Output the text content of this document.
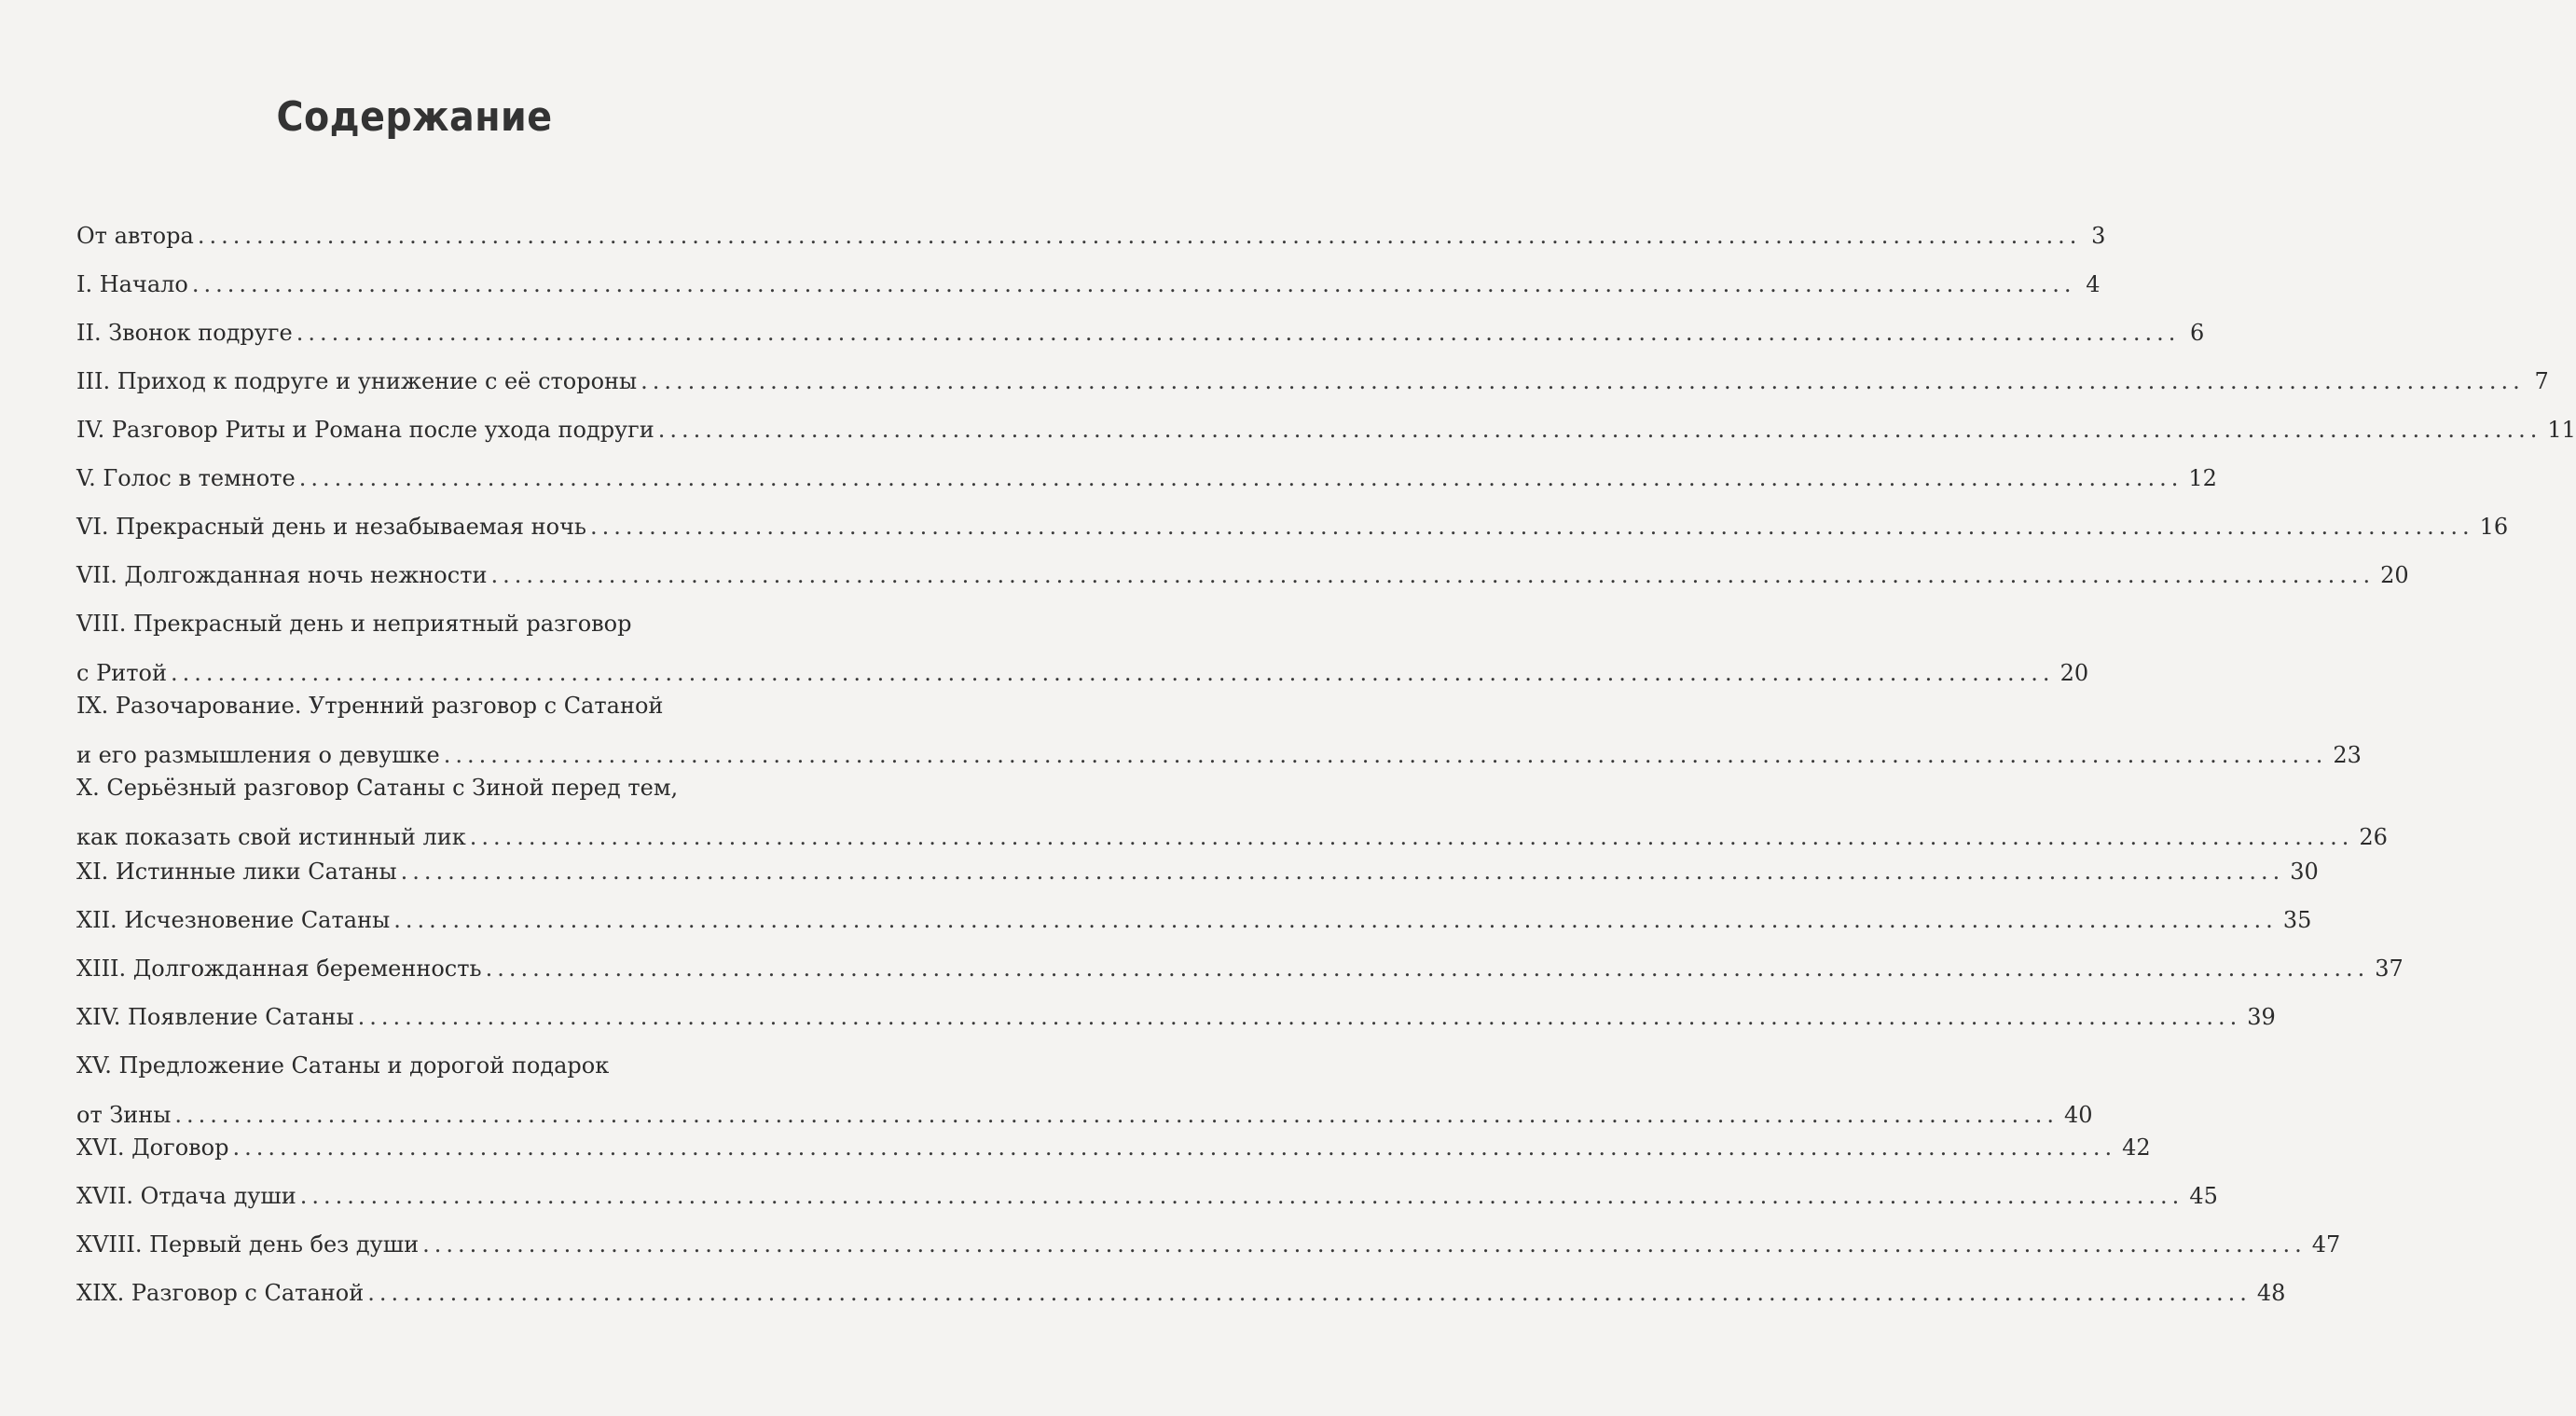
Содержание
От автора ................................................................................................................................................................ 3
I. Начало ................................................................................................................................................................ 4
II. Звонок подруге ................................................................................................................................................................ 6
III. Приход к подруге и унижение с её стороны ................................................................................................................................................................ 7
IV. Разговор Риты и Романа после ухода подруги ................................................................................................................................................................ 11
V. Голос в темноте ................................................................................................................................................................ 12
VI. Прекрасный день и незабываемая ночь ................................................................................................................................................................ 16
VII. Долгожданная ночь нежности ................................................................................................................................................................ 20
VIII. Прекрасный день и неприятный разговор
с Ритой ................................................................................................................................................................ 20
IX. Разочарование. Утренний разговор с Сатаной
и его размышления о девушке ................................................................................................................................................................ 23
X. Серьёзный разговор Сатаны с Зиной перед тем,
как показать свой истинный лик ................................................................................................................................................................ 26
XI. Истинные лики Сатаны ................................................................................................................................................................ 30
XII. Исчезновение Сатаны ................................................................................................................................................................ 35
XIII. Долгожданная беременность ................................................................................................................................................................ 37
XIV. Появление Сатаны ................................................................................................................................................................ 39
XV. Предложение Сатаны и дорогой подарок
от Зины ................................................................................................................................................................ 40
XVI. Договор ................................................................................................................................................................ 42
XVII. Отдача души ................................................................................................................................................................ 45
XVIII. Первый день без души ................................................................................................................................................................ 47
XIX. Разговор с Сатаной ................................................................................................................................................................ 48
